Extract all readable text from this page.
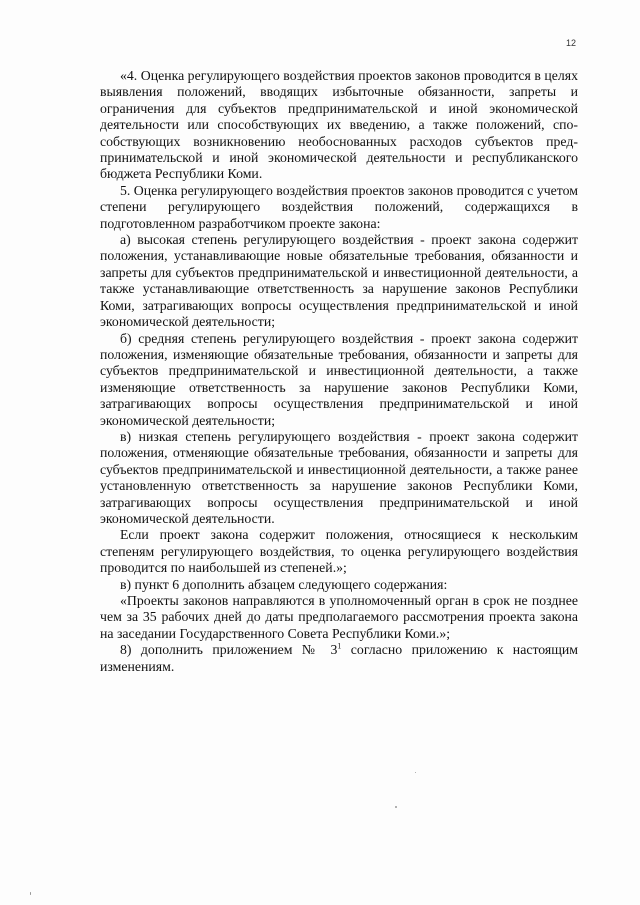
12

«4. Оценка регулирующего воздействия проектов законов проводится в целях выявления положений, вводящих избыточные обязанности, запреты и ограничения для субъектов предпринимательской и иной экономической деятельности или способствующих их введению, а также положений, способствующих возникновению необоснованных расходов субъектов предпринимательской и иной экономической деятельности и республиканского бюджета Республики Коми.

5. Оценка регулирующего воздействия проектов законов проводится с учетом степени регулирующего воздействия положений, содержащихся в подготовленном разработчиком проекте закона:

а) высокая степень регулирующего воздействия - проект закона содержит положения, устанавливающие новые обязательные требования, обязанности и запреты для субъектов предпринимательской и инвестиционной деятельности, а также устанавливающие ответственность за нарушение законов Республики Коми, затрагивающих вопросы осуществления предпринимательской и иной экономической деятельности;

б) средняя степень регулирующего воздействия - проект закона содержит положения, изменяющие обязательные требования, обязанности и запреты для субъектов предпринимательской и инвестиционной деятельности, а также изменяющие ответственность за нарушение законов Республики Коми, затрагивающих вопросы осуществления предпринимательской и иной экономической деятельности;

в) низкая степень регулирующего воздействия - проект закона содержит положения, отменяющие обязательные требования, обязанности и запреты для субъектов предпринимательской и инвестиционной деятельности, а также ранее установленную ответственность за нарушение законов Республики Коми, затрагивающих вопросы осуществления предпринимательской и иной экономической деятельности.

Если проект закона содержит положения, относящиеся к нескольким степеням регулирующего воздействия, то оценка регулирующего воздействия проводится по наибольшей из степеней.»;

в) пункт 6 дополнить абзацем следующего содержания:

«Проекты законов направляются в уполномоченный орган в срок не позднее чем за 35 рабочих дней до даты предполагаемого рассмотрения проекта закона на заседании Государственного Совета Республики Коми.»;

8) дополнить приложением № $3^1$ согласно приложению к настоящим изменениям.
